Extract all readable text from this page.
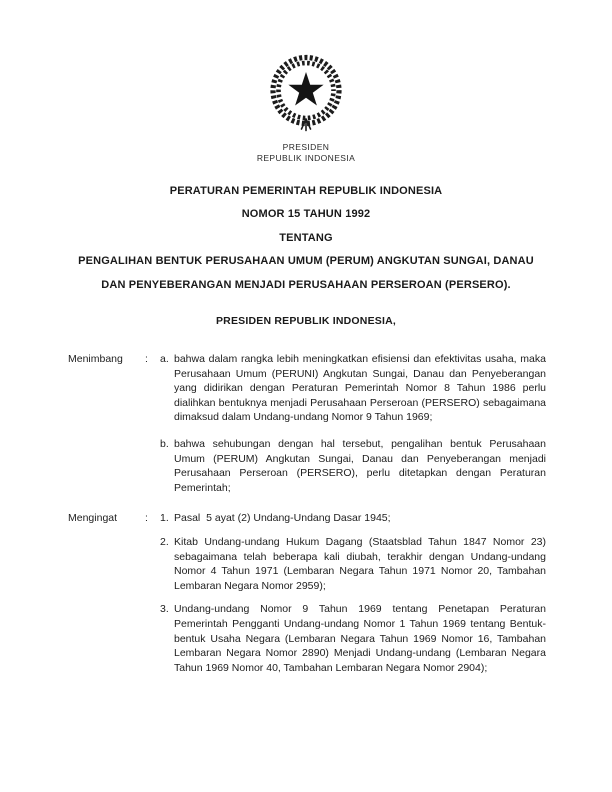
PRESIDEN
REPUBLIK INDONESIA
PERATURAN PEMERINTAH REPUBLIK INDONESIA
NOMOR 15 TAHUN 1992
TENTANG
PENGALIHAN BENTUK PERUSAHAAN UMUM (PERUM) ANGKUTAN SUNGAI, DANAU
DAN PENYEBERANGAN MENJADI PERUSAHAAN PERSEROAN (PERSERO).
PRESIDEN REPUBLIK INDONESIA,
Menimbang	:	a. bahwa dalam rangka lebih meningkatkan efisiensi dan efektivitas usaha, maka Perusahaan Umum (PERUNI) Angkutan Sungai, Danau dan Penyeberangan yang didirikan dengan Peraturan Pemerintah Nomor 8 Tahun 1986 perlu dialihkan bentuknya menjadi Perusahaan Perseroan (PERSERO) sebagaimana dimaksud dalam Undang-undang Nomor 9 Tahun 1969;
b. bahwa sehubungan dengan hal tersebut, pengalihan bentuk Perusahaan Umum (PERUM) Angkutan Sungai, Danau dan Penyeberangan menjadi Perusahaan Perseroan (PERSERO), perlu ditetapkan dengan Peraturan Pemerintah;
Mengingat	:	1. Pasal  5 ayat (2) Undang-Undang Dasar 1945;
2. Kitab Undang-undang Hukum Dagang (Staatsblad Tahun 1847 Nomor 23) sebagaimana telah beberapa kali diubah, terakhir dengan Undang-undang Nomor 4 Tahun 1971 (Lembaran Negara Tahun 1971 Nomor 20, Tambahan Lembaran Negara Nomor 2959);
3. Undang-undang Nomor 9 Tahun 1969 tentang Penetapan Peraturan Pemerintah Pengganti Undang-undang Nomor 1 Tahun 1969 tentang Bentuk-bentuk Usaha Negara (Lembaran Negara Tahun 1969 Nomor 16, Tambahan Lembaran Negara Nomor 2890) Menjadi Undang-undang (Lembaran Negara Tahun 1969 Nomor 40, Tambahan Lembaran Negara Nomor 2904);
